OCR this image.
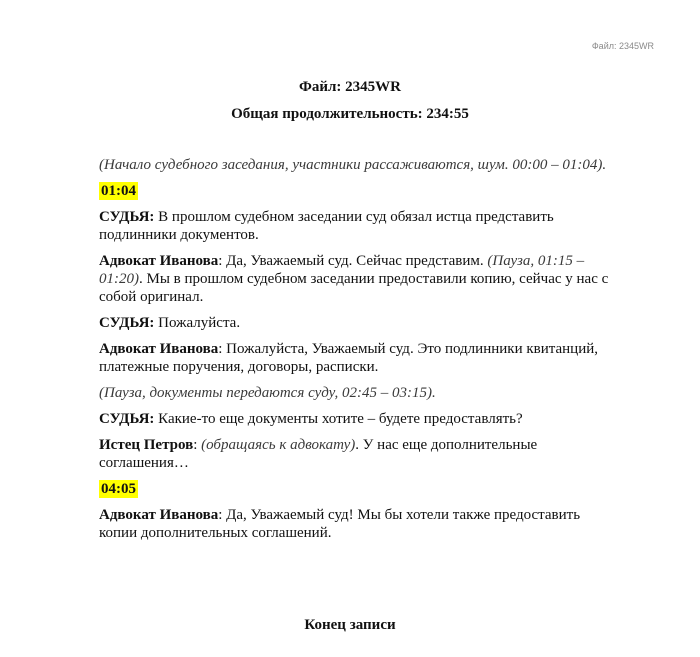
Файл: 2345WR
Файл: 2345WR
Общая продолжительность: 234:55

(Начало судебного заседания, участники рассаживаются, шум. 00:00 – 01:04).

01:04

СУДЬЯ: В прошлом судебном заседании суд обязал истца представить подлинники документов.

Адвокат Иванова: Да, Уважаемый суд. Сейчас представим. (Пауза, 01:15 – 01:20). Мы в прошлом судебном заседании предоставили копию, сейчас у нас с собой оригинал.

СУДЬЯ: Пожалуйста.

Адвокат Иванова: Пожалуйста, Уважаемый суд. Это подлинники квитанций, платежные поручения, договоры, расписки.

(Пауза, документы передаются суду, 02:45 – 03:15).

СУДЬЯ: Какие-то еще документы хотите – будете предоставлять?

Истец Петров: (обращаясь к адвокату). У нас еще дополнительные соглашения…

04:05

Адвокат Иванова: Да, Уважаемый суд! Мы бы хотели также предоставить копии дополнительных соглашений.

Конец записи
